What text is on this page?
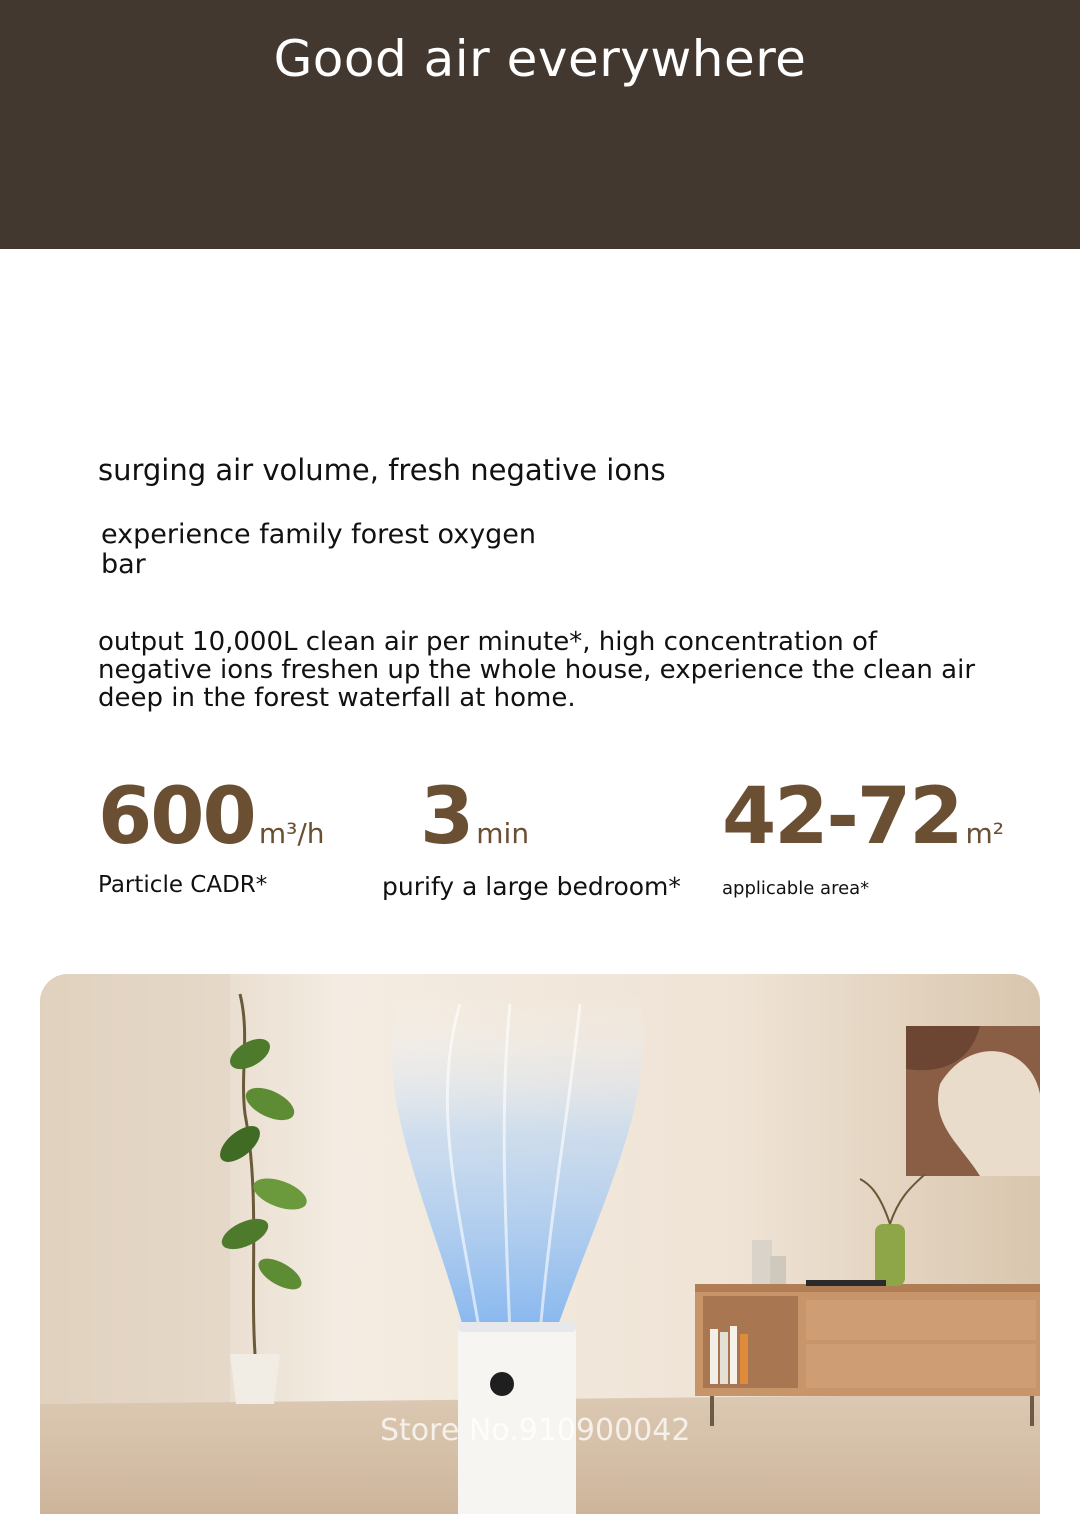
Good air everywhere
surging air volume, fresh negative ions
experience family forest oxygen bar
output 10,000L clean air per minute*, high concentration of negative ions freshen up the whole house, experience the clean air deep in the forest waterfall at home.
600 m³/h
Particle CADR*
3 min
purify a large bedroom*
42-72 m²
applicable area*
Store No.910900042
